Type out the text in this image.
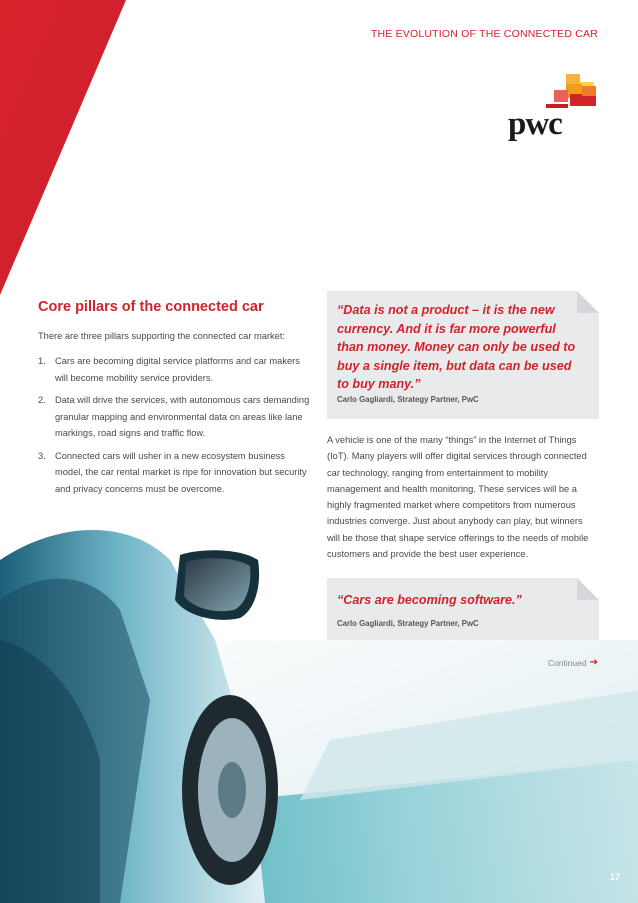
THE EVOLUTION OF THE CONNECTED CAR
pwc
Core pillars of the connected car

There are three pillars supporting the connected car market:

1. Cars are becoming digital service platforms and car makers will become mobility service providers.
2. Data will drive the services, with autonomous cars demanding granular mapping and environmental data on areas like lane markings, road signs and traffic flow.
3. Connected cars will usher in a new ecosystem business model, the car rental market is ripe for innovation but security and privacy concerns must be overcome.
“Data is not a product – it is the new currency. And it is far more powerful than money. Money can only be used to buy a single item, but data can be used to buy many.”
Carlo Gagliardi, Strategy Partner, PwC

A vehicle is one of the many “things” in the Internet of Things (IoT). Many players will offer digital services through connected car technology, ranging from entertainment to mobility management and health monitoring. These services will be a highly fragmented market where competitors from numerous industries converge. Just about anybody can play, but winners will be those that shape service offerings to the needs of mobile customers and provide the best user experience.

“Cars are becoming software.”
Carlo Gagliardi, Strategy Partner, PwC
Continued ➔
17
